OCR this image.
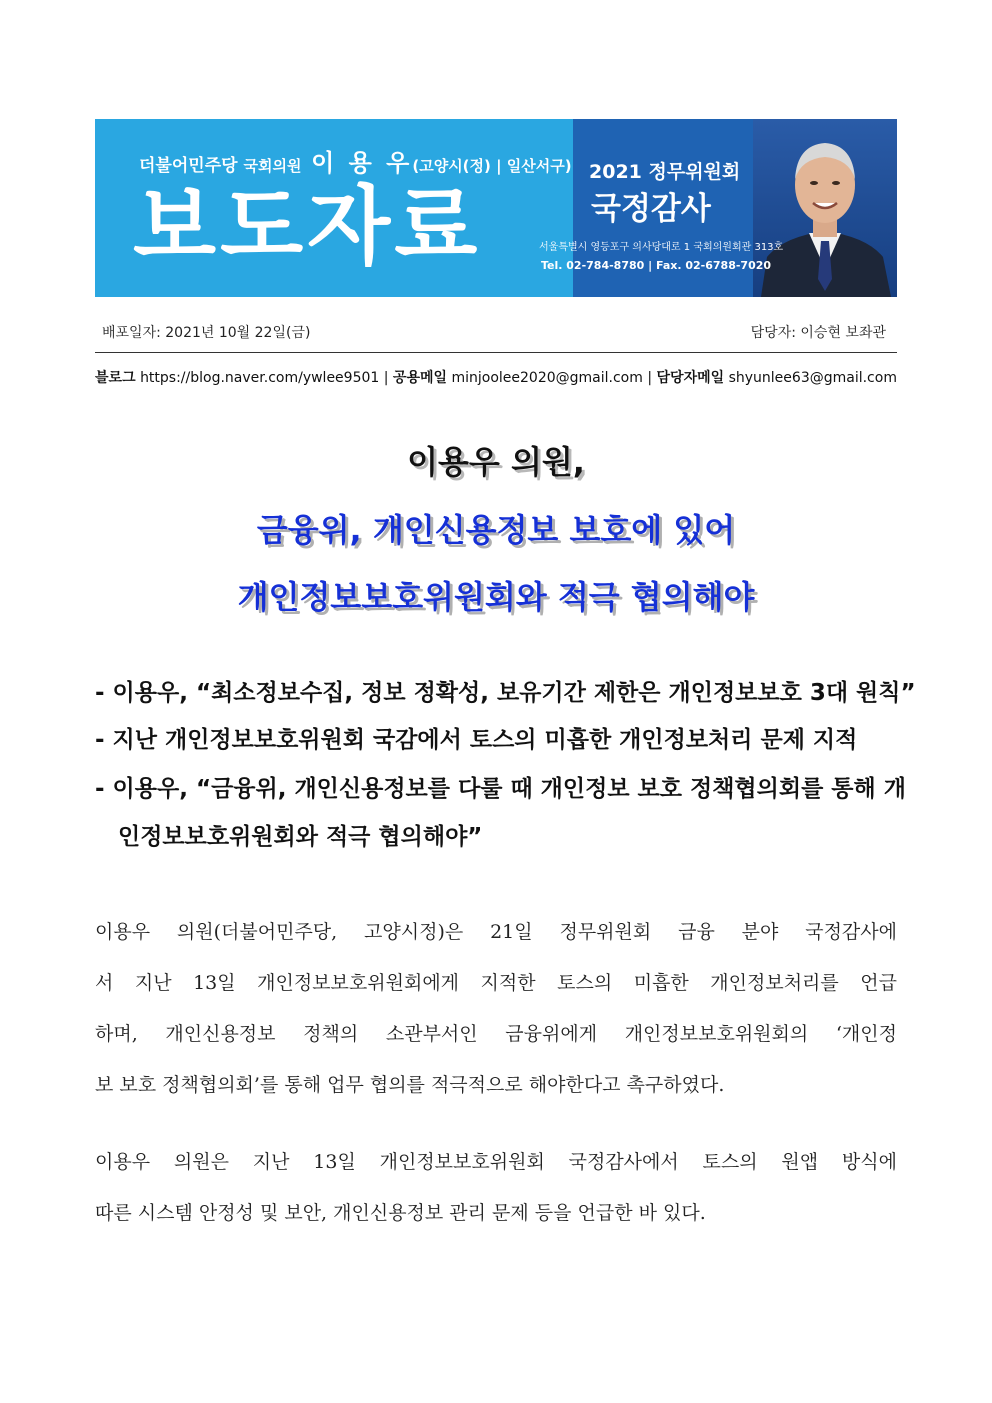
더불어민주당 국회의원 이 용 우(고양시(정) | 일산서구)
보도자료
2021 정무위원회
국정감사
서울특별시 영등포구 의사당대로 1 국회의원회관 313호
Tel. 02-784-8780 | Fax. 02-6788-7020
배포일자: 2021년 10월 22일(금)	담당자: 이승현 보좌관
블로그 https://blog.naver.com/ywlee9501 | 공용메일 minjoolee2020@gmail.com | 담당자메일 shyunlee63@gmail.com
이용우 의원,
금융위, 개인신용정보 보호에 있어
개인정보보호위원회와 적극 협의해야
- 이용우, “최소정보수집, 정보 정확성, 보유기간 제한은 개인정보보호 3대 원칙”
- 지난 개인정보보호위원회 국감에서 토스의 미흡한 개인정보처리 문제 지적
- 이용우, “금융위, 개인신용정보를 다룰 때 개인정보 보호 정책협의회를 통해 개
인정보보호위원회와 적극 협의해야”
이용우 의원(더불어민주당, 고양시정)은 21일 정무위원회 금융 분야 국정감사에
서 지난 13일 개인정보보호위원회에게 지적한 토스의 미흡한 개인정보처리를 언급
하며, 개인신용정보 정책의 소관부서인 금융위에게 개인정보보호위원회의 ‘개인정
보 보호 정책협의회’를 통해 업무 협의를 적극적으로 해야한다고 촉구하였다.
이용우 의원은 지난 13일 개인정보보호위원회 국정감사에서 토스의 원앱 방식에
따른 시스템 안정성 및 보안, 개인신용정보 관리 문제 등을 언급한 바 있다.
